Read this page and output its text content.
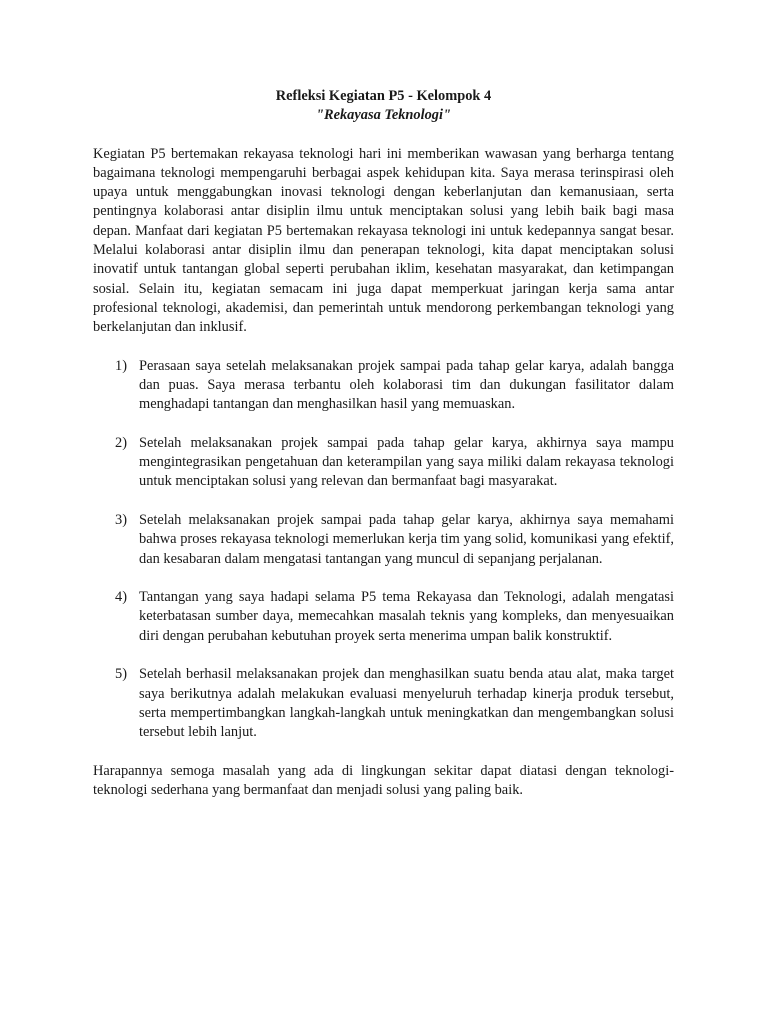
Refleksi Kegiatan P5 - Kelompok 4
"Rekayasa Teknologi"

Kegiatan P5 bertemakan rekayasa teknologi hari ini memberikan wawasan yang berharga tentang bagaimana teknologi mempengaruhi berbagai aspek kehidupan kita. Saya merasa terinspirasi oleh upaya untuk menggabungkan inovasi teknologi dengan keberlanjutan dan kemanusiaan, serta pentingnya kolaborasi antar disiplin ilmu untuk menciptakan solusi yang lebih baik bagi masa depan. Manfaat dari kegiatan P5 bertemakan rekayasa teknologi ini untuk kedepannya sangat besar. Melalui kolaborasi antar disiplin ilmu dan penerapan teknologi, kita dapat menciptakan solusi inovatif untuk tantangan global seperti perubahan iklim, kesehatan masyarakat, dan ketimpangan sosial. Selain itu, kegiatan semacam ini juga dapat memperkuat jaringan kerja sama antar profesional teknologi, akademisi, dan pemerintah untuk mendorong perkembangan teknologi yang berkelanjutan dan inklusif.

1) Perasaan saya setelah melaksanakan projek sampai pada tahap gelar karya, adalah bangga dan puas. Saya merasa terbantu oleh kolaborasi tim dan dukungan fasilitator dalam menghadapi tantangan dan menghasilkan hasil yang memuaskan.
2) Setelah melaksanakan projek sampai pada tahap gelar karya, akhirnya saya mampu mengintegrasikan pengetahuan dan keterampilan yang saya miliki dalam rekayasa teknologi untuk menciptakan solusi yang relevan dan bermanfaat bagi masyarakat.
3) Setelah melaksanakan projek sampai pada tahap gelar karya, akhirnya saya memahami bahwa proses rekayasa teknologi memerlukan kerja tim yang solid, komunikasi yang efektif, dan kesabaran dalam mengatasi tantangan yang muncul di sepanjang perjalanan.
4) Tantangan yang saya hadapi selama P5 tema Rekayasa dan Teknologi, adalah mengatasi keterbatasan sumber daya, memecahkan masalah teknis yang kompleks, dan menyesuaikan diri dengan perubahan kebutuhan proyek serta menerima umpan balik konstruktif.
5) Setelah berhasil melaksanakan projek dan menghasilkan suatu benda atau alat, maka target saya berikutnya adalah melakukan evaluasi menyeluruh terhadap kinerja produk tersebut, serta mempertimbangkan langkah-langkah untuk meningkatkan dan mengembangkan solusi tersebut lebih lanjut.

Harapannya semoga masalah yang ada di lingkungan sekitar dapat diatasi dengan teknologi-teknologi sederhana yang bermanfaat dan menjadi solusi yang paling baik.
